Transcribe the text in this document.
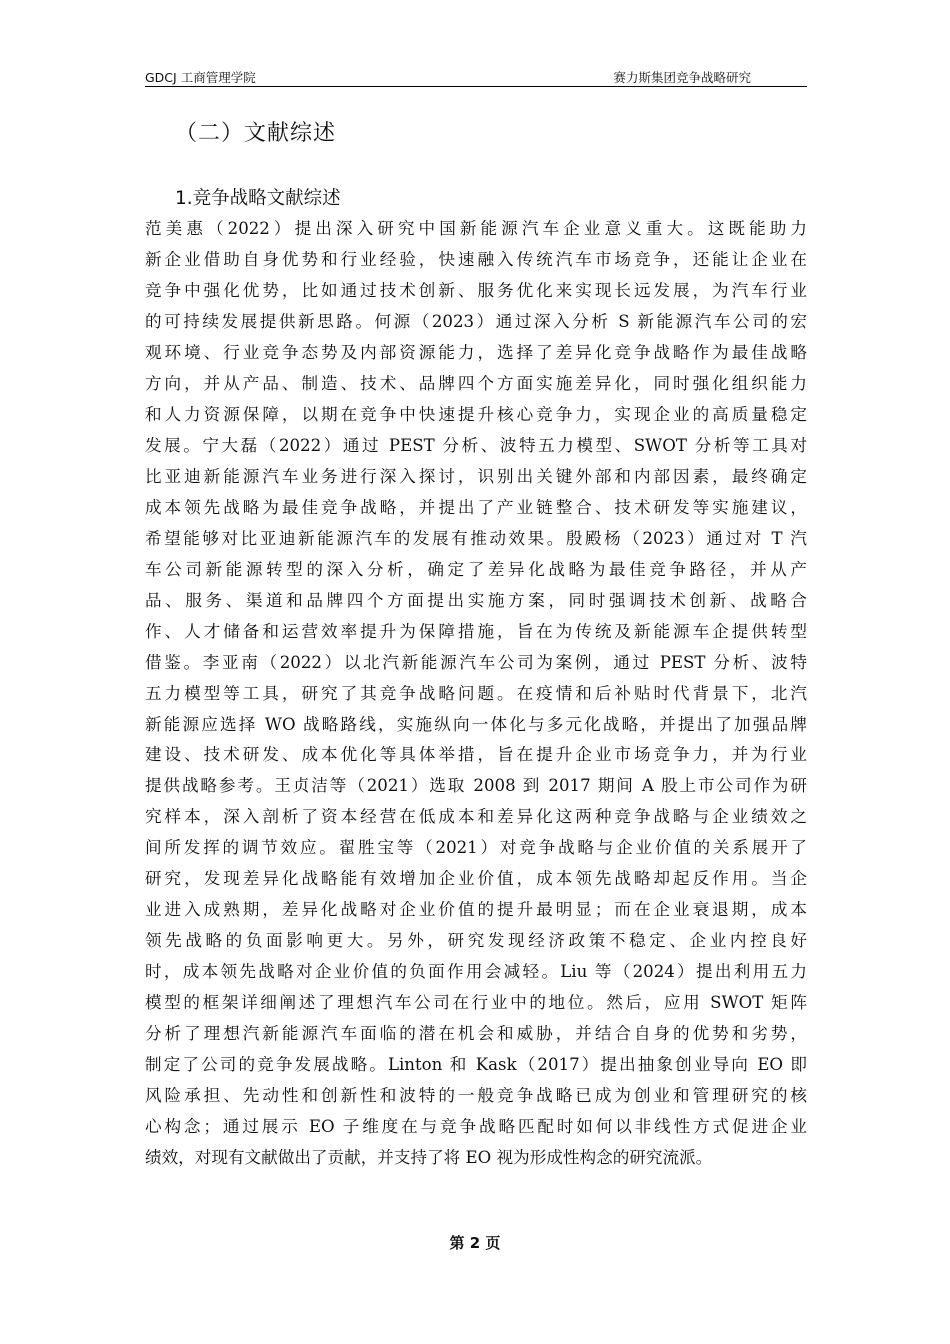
GDCJ 工商管理学院	赛力斯集团竞争战略研究
（二）文献综述
1.竞争战略文献综述
范美惠（2022）提出深入研究中国新能源汽车企业意义重大。这既能助力
新企业借助自身优势和行业经验，快速融入传统汽车市场竞争，还能让企业在
竞争中强化优势，比如通过技术创新、服务优化来实现长远发展，为汽车行业
的可持续发展提供新思路。何源（2023）通过深入分析 S 新能源汽车公司的宏
观环境、行业竞争态势及内部资源能力，选择了差异化竞争战略作为最佳战略
方向，并从产品、制造、技术、品牌四个方面实施差异化，同时强化组织能力
和人力资源保障，以期在竞争中快速提升核心竞争力，实现企业的高质量稳定
发展。宁大磊（2022）通过 PEST 分析、波特五力模型、SWOT 分析等工具对
比亚迪新能源汽车业务进行深入探讨，识别出关键外部和内部因素，最终确定
成本领先战略为最佳竞争战略，并提出了产业链整合、技术研发等实施建议，
希望能够对比亚迪新能源汽车的发展有推动效果。殷殿杨（2023）通过对 T 汽
车公司新能源转型的深入分析，确定了差异化战略为最佳竞争路径，并从产
品、服务、渠道和品牌四个方面提出实施方案，同时强调技术创新、战略合
作、人才储备和运营效率提升为保障措施，旨在为传统及新能源车企提供转型
借鉴。李亚南（2022）以北汽新能源汽车公司为案例，通过 PEST 分析、波特
五力模型等工具，研究了其竞争战略问题。在疫情和后补贴时代背景下，北汽
新能源应选择 WO 战略路线，实施纵向一体化与多元化战略，并提出了加强品牌
建设、技术研发、成本优化等具体举措，旨在提升企业市场竞争力，并为行业
提供战略参考。王贞洁等（2021）选取 2008 到 2017 期间 A 股上市公司作为研
究样本，深入剖析了资本经营在低成本和差异化这两种竞争战略与企业绩效之
间所发挥的调节效应。翟胜宝等（2021）对竞争战略与企业价值的关系展开了
研究，发现差异化战略能有效增加企业价值，成本领先战略却起反作用。当企
业进入成熟期，差异化战略对企业价值的提升最明显；而在企业衰退期，成本
领先战略的负面影响更大。另外，研究发现经济政策不稳定、企业内控良好
时，成本领先战略对企业价值的负面作用会减轻。Liu 等（2024）提出利用五力
模型的框架详细阐述了理想汽车公司在行业中的地位。然后，应用 SWOT 矩阵
分析了理想汽新能源汽车面临的潜在机会和威胁，并结合自身的优势和劣势，
制定了公司的竞争发展战略。Linton 和 Kask（2017）提出抽象创业导向 EO 即
风险承担、先动性和创新性和波特的一般竞争战略已成为创业和管理研究的核
心构念；通过展示 EO 子维度在与竞争战略匹配时如何以非线性方式促进企业
绩效，对现有文献做出了贡献，并支持了将 EO 视为形成性构念的研究流派。
第 2 页
